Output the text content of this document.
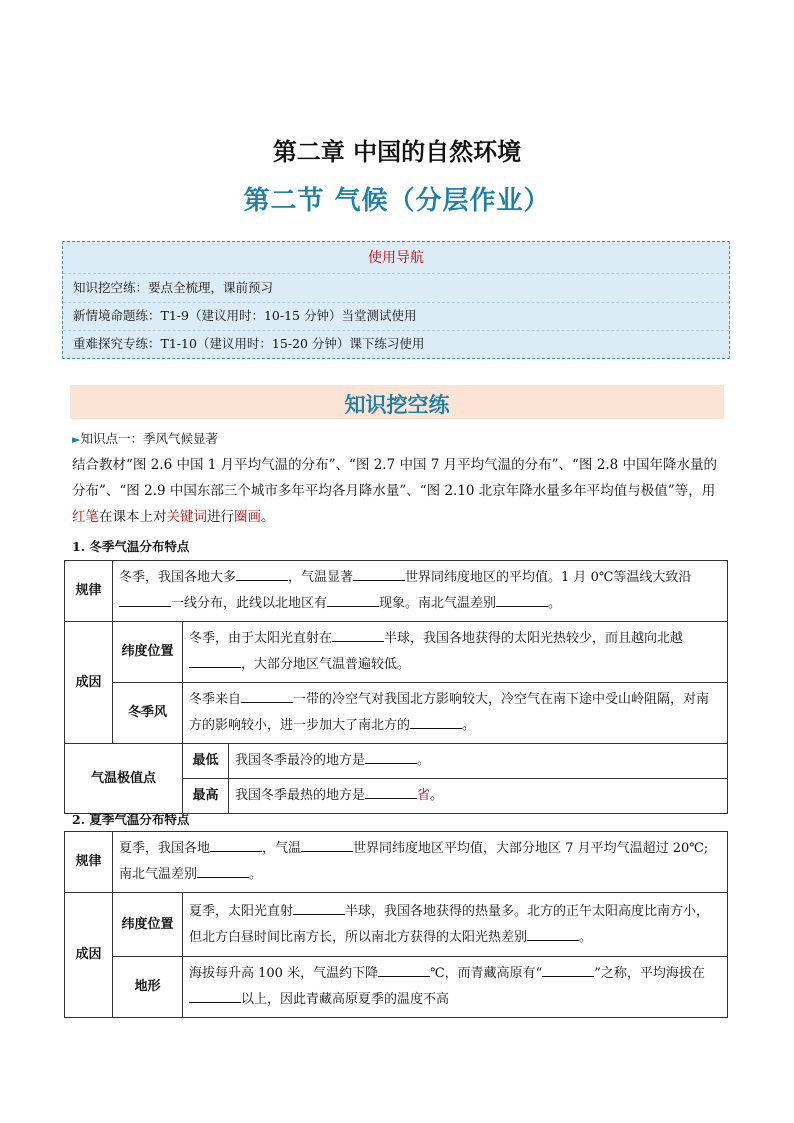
第二章 中国的自然环境
第二节 气候（分层作业）
使用导航
知识挖空练：要点全梳理，课前预习
新情境命题练：T1-9（建议用时：10-15 分钟）当堂测试使用
重难探究专练：T1-10（建议用时：15-20 分钟）课下练习使用
知识挖空练
►知识点一：季风气候显著
结合教材“图 2.6 中国 1 月平均气温的分布”、“图 2.7 中国 7 月平均气温的分布”、“图 2.8 中国年降水量的分布”、“图 2.9 中国东部三个城市多年平均各月降水量”、“图 2.10 北京年降水量多年平均值与极值”等，用红笔在课本上对关键词进行圈画。
1. 冬季气温分布特点
规律	冬季，我国各地大多 ，气温显著 世界同纬度地区的平均值。1 月 0℃等温线大致沿一线分布，此线以北地区有 现象。南北气温差别 。		
成因	纬度位置	冬季，由于太阳光直射在 半球，我国各地获得的太阳光热较少，而且越向北越，大部分地区气温普遍较低。	
	冬季风	冬季来自 一带的冷空气对我国北方影响较大，冷空气在南下途中受山岭阻隔，对南方的影响较小，进一步加大了南北方的 。	
气温极值点		最低	我国冬季最冷的地方是 。
		最高	我国冬季最热的地方是 省。
2. 夏季气温分布特点
规律	夏季，我国各地 ，气温 世界同纬度地区平均值，大部分地区 7 月平均气温超过 20℃;南北气温差别 。	
成因	纬度位置	夏季，太阳光直射 半球，我国各地获得的热量多。北方的正午太阳高度比南方小，但北方白昼时间比南方长，所以南北方获得的太阳光热差别 。
	地形	海拔每升高 100 米，气温约下降 ℃，而青藏高原有“ ”之称，平均海拔在以上，因此青藏高原夏季的温度不高
